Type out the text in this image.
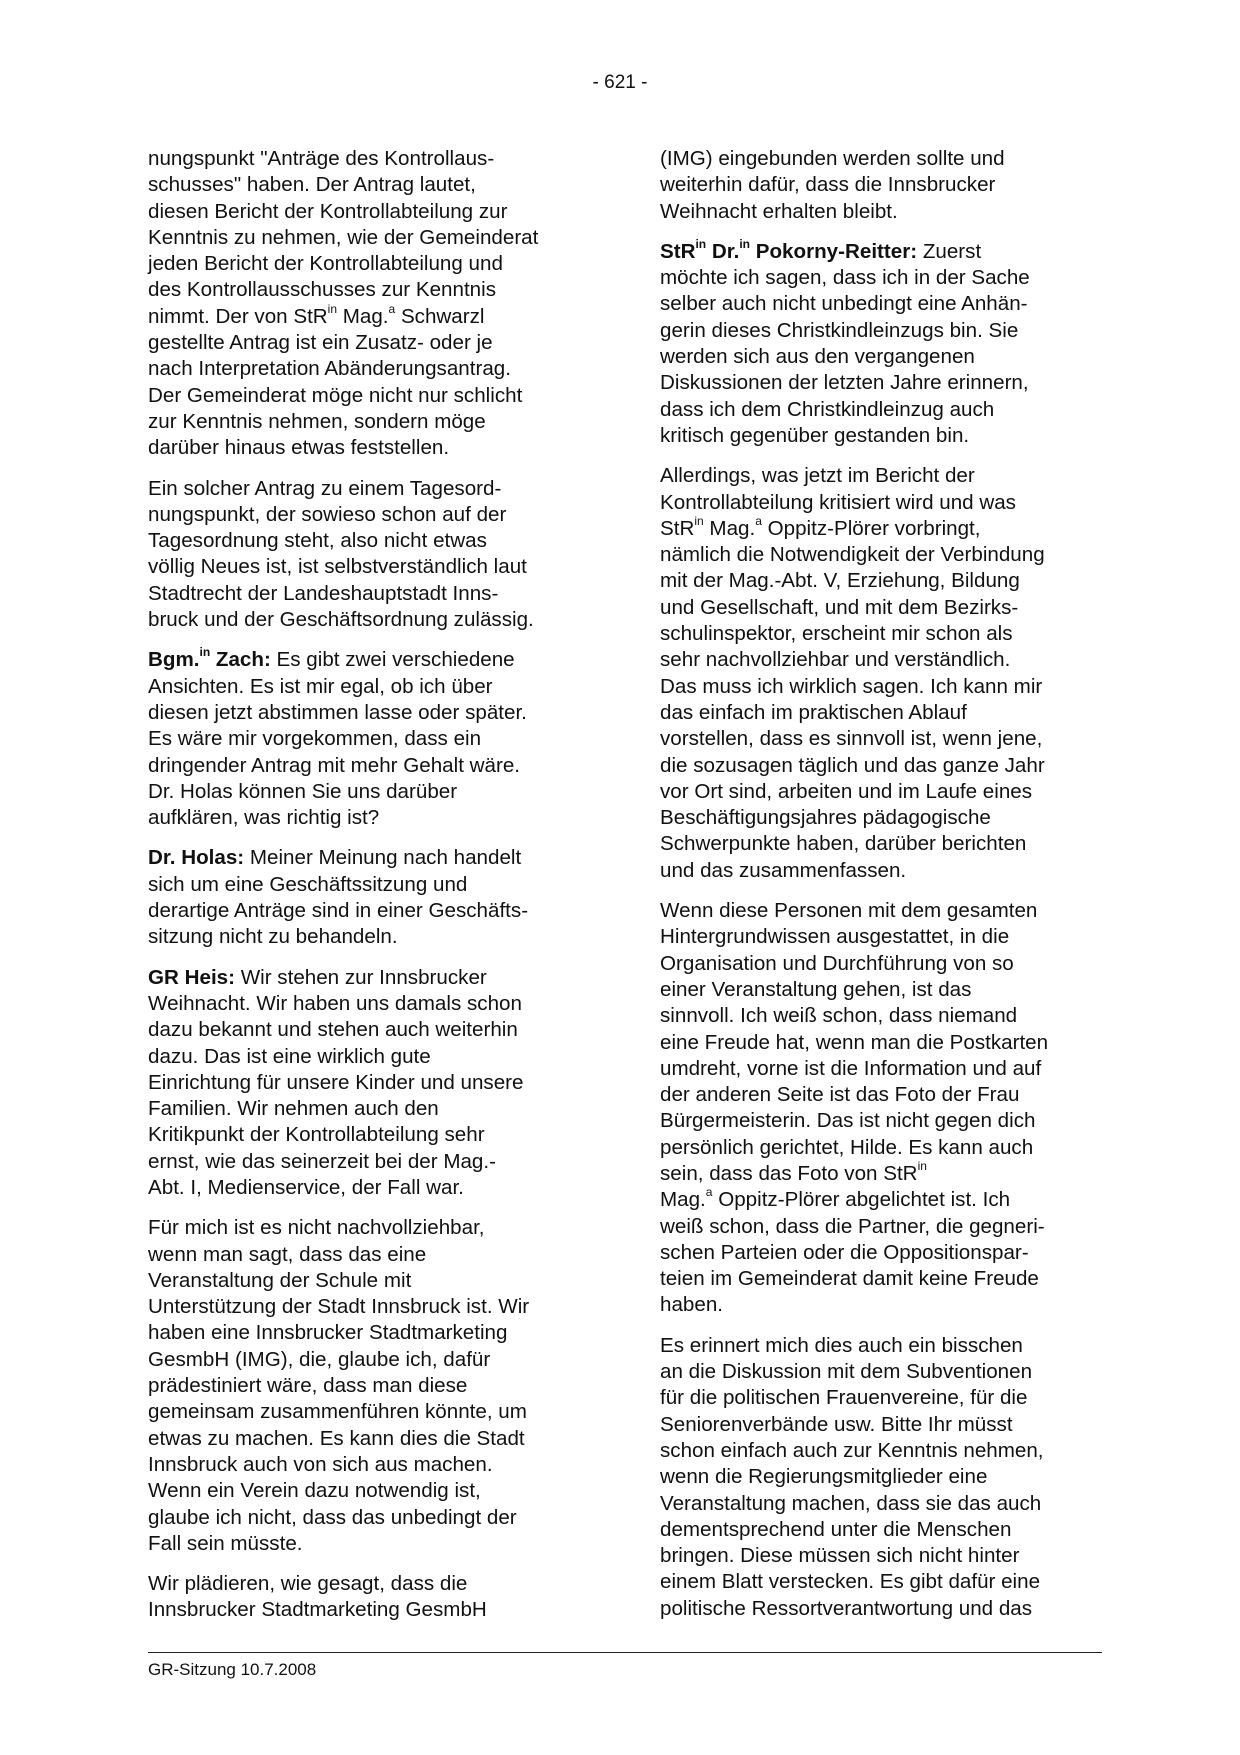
- 621 -

nungspunkt "Anträge des Kontrollaus-
schusses" haben. Der Antrag lautet,
diesen Bericht der Kontrollabteilung zur
Kenntnis zu nehmen, wie der Gemeinderat
jeden Bericht der Kontrollabteilung und
des Kontrollausschusses zur Kenntnis
nimmt. Der von StR$^{in}$ Mag.$^a$ Schwarzl
gestellte Antrag ist ein Zusatz- oder je
nach Interpretation Abänderungsantrag.
Der Gemeinderat möge nicht nur schlicht
zur Kenntnis nehmen, sondern möge
darüber hinaus etwas feststellen.

Ein solcher Antrag zu einem Tagesord-
nungspunkt, der sowieso schon auf der
Tagesordnung steht, also nicht etwas
völlig Neues ist, ist selbstverständlich laut
Stadtrecht der Landeshauptstadt Inns-
bruck und der Geschäftsordnung zulässig.

Bgm.$^{in}$ Zach: Es gibt zwei verschiedene
Ansichten. Es ist mir egal, ob ich über
diesen jetzt abstimmen lasse oder später.
Es wäre mir vorgekommen, dass ein
dringender Antrag mit mehr Gehalt wäre.
Dr. Holas können Sie uns darüber
aufklären, was richtig ist?

Dr. Holas: Meiner Meinung nach handelt
sich um eine Geschäftssitzung und
derartige Anträge sind in einer Geschäfts-
sitzung nicht zu behandeln.

GR Heis: Wir stehen zur Innsbrucker
Weihnacht. Wir haben uns damals schon
dazu bekannt und stehen auch weiterhin
dazu. Das ist eine wirklich gute
Einrichtung für unsere Kinder und unsere
Familien. Wir nehmen auch den
Kritikpunkt der Kontrollabteilung sehr
ernst, wie das seinerzeit bei der Mag.-
Abt. I, Medienservice, der Fall war.

Für mich ist es nicht nachvollziehbar,
wenn man sagt, dass das eine
Veranstaltung der Schule mit
Unterstützung der Stadt Innsbruck ist. Wir
haben eine Innsbrucker Stadtmarketing
GesmbH (IMG), die, glaube ich, dafür
prädestiniert wäre, dass man diese
gemeinsam zusammenführen könnte, um
etwas zu machen. Es kann dies die Stadt
Innsbruck auch von sich aus machen.
Wenn ein Verein dazu notwendig ist,
glaube ich nicht, dass das unbedingt der
Fall sein müsste.

Wir plädieren, wie gesagt, dass die
Innsbrucker Stadtmarketing GesmbH

(IMG) eingebunden werden sollte und
weiterhin dafür, dass die Innsbrucker
Weihnacht erhalten bleibt.

StR$^{in}$ Dr.$^{in}$ Pokorny-Reitter: Zuerst
möchte ich sagen, dass ich in der Sache
selber auch nicht unbedingt eine Anhän-
gerin dieses Christkindleinzugs bin. Sie
werden sich aus den vergangenen
Diskussionen der letzten Jahre erinnern,
dass ich dem Christkindleinzug auch
kritisch gegenüber gestanden bin.

Allerdings, was jetzt im Bericht der
Kontrollabteilung kritisiert wird und was
StR$^{in}$ Mag.$^a$ Oppitz-Plörer vorbringt,
nämlich die Notwendigkeit der Verbindung
mit der Mag.-Abt. V, Erziehung, Bildung
und Gesellschaft, und mit dem Bezirks-
schulinspektor, erscheint mir schon als
sehr nachvollziehbar und verständlich.
Das muss ich wirklich sagen. Ich kann mir
das einfach im praktischen Ablauf
vorstellen, dass es sinnvoll ist, wenn jene,
die sozusagen täglich und das ganze Jahr
vor Ort sind, arbeiten und im Laufe eines
Beschäftigungsjahres pädagogische
Schwerpunkte haben, darüber berichten
und das zusammenfassen.

Wenn diese Personen mit dem gesamten
Hintergrundwissen ausgestattet, in die
Organisation und Durchführung von so
einer Veranstaltung gehen, ist das
sinnvoll. Ich weiß schon, dass niemand
eine Freude hat, wenn man die Postkarten
umdreht, vorne ist die Information und auf
der anderen Seite ist das Foto der Frau
Bürgermeisterin. Das ist nicht gegen dich
persönlich gerichtet, Hilde. Es kann auch
sein, dass das Foto von StR$^{in}$
Mag.$^a$ Oppitz-Plörer abgelichtet ist. Ich
weiß schon, dass die Partner, die gegneri-
schen Parteien oder die Oppositionspar-
teien im Gemeinderat damit keine Freude
haben.

Es erinnert mich dies auch ein bisschen
an die Diskussion mit dem Subventionen
für die politischen Frauenvereine, für die
Seniorenverbände usw. Bitte Ihr müsst
schon einfach auch zur Kenntnis nehmen,
wenn die Regierungsmitglieder eine
Veranstaltung machen, dass sie das auch
dementsprechend unter die Menschen
bringen. Diese müssen sich nicht hinter
einem Blatt verstecken. Es gibt dafür eine
politische Ressortverantwortung und das

GR-Sitzung 10.7.2008
